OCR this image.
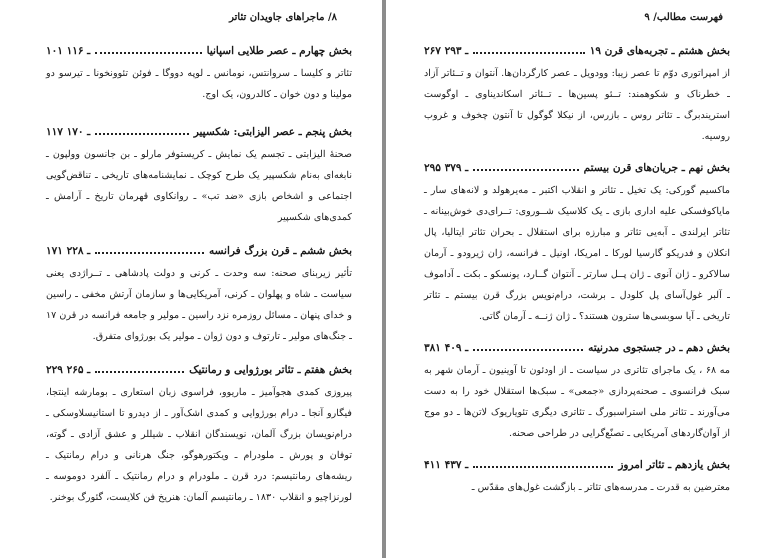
۸/ ماجراهای جاویدان تئاتر
بخش چهارم ـ عصر طلایی اسپانیا
۱۰۱ ـ ۱۱۶
تئاتر و کلیسا ـ سروانتس، نومانس ـ لوپه دووگا ـ فوئن تئوونخونا ـ تیرسو دو مولینا و دون خوان ـ کالدرون، یک اوج.
بخش پنجم ـ عصر الیزابتی: شکسپیر
۱۱۷ ـ ۱۷۰
صحنهٔ الیزابتی ـ تجسم یک نمایش ـ کریستوفر مارلو ـ بن جانسون وولپون ـ نابغه‌ای به‌نام شکسپیر یک طرح کوچک ـ نمایشنامه‌های تاریخی ـ تناقض‌گویی اجتماعی و اشخاص بازی «ضد تب» ـ روانکاوی قهرمان تاریخ ـ آرامش ـ کمدی‌های شکسپیر
بخش ششم ـ قرن بزرگ فرانسه
۱۷۱ ـ ۲۲۸
تأثیر زیربنای صحنه: سه وحدت ـ کرنی و دولت پادشاهی ـ تــراژدی یعنی سیاست ـ شاه و پهلوان ـ کرنی، آمریکایی‌ها و سازمان آرتش مخفی ـ راسین و خدای پنهان ـ مسائل روزمره نزد راسین ـ مولیر و جامعه فرانسه در قرن ۱۷ ـ جنگ‌های مولیر ـ تارتوف و دون ژوان ـ مولیر یک بورژوای متفرق.
بخش هفتم ـ تئاتر بورژوایی و رمانتیک
۲۲۹ ـ ۲۶۵
پیروزی کمدی هجوآمیز ـ ماریوو، فراسوی زبان استعاری ـ بومارشه اینتجا، فیگارو آنجا ـ درام بورژوایی و کمدی اشک‌آور ـ از دیدرو تا استانیسلاوسکی ـ درام‌نویسان بزرگ آلمان، نویسندگان انقلاب ـ شیللر و عشق آزادی ـ گوته، توفان و پورش ـ ملودرام ـ ویکتورهوگو، جنگ هرنانی و درام رمانتیک ـ ریشه‌های رمانتیسم: درد قرن ـ ملودرام و درام رمانتیک ـ آلفرد دوموسه ـ لورنزاچیو و انقلاب ۱۸۳۰ ـ رمانتیسم آلمان: هنریخ فن کلایست، گئورگ بوخنر.
فهرست مطالب/ ۹
بخش هشتم ـ تجربه‌های قرن ۱۹
۲۶۷ ـ ۲۹۳
از امپراتوری دوّم تا عصر زیبا: وودویل ـ عصر کارگردان‌ها. آنتوان و تــئاتر آزاد ـ خطرناک و شکوهمند: تــئو پسین‌ها ـ تــئاتر اسکاندیناوی ـ اوگوست استریندبرگ ـ تئاتر روس ـ بازرس، از نیکلا گوگول تا آنتون چخوف و غروب روسیه.
بخش نهم ـ جریان‌های قرن بیستم
۲۹۵ ـ ۳۷۹
ماکسیم گورکی: یک تخیل ـ تئاتر و انقلاب اکتبر ـ مه‌یرهولد و لانه‌های سار ـ مایاکوفسکی علیه اداری بازی ـ یک کلاسیک شــوروی: تــرای‌دی خوش‌بینانه ـ تئاتر ایرلندی ـ آبه‌یی تئاتر و مبارزه برای استقلال ـ بحران تئاتر ایتالیا، پال انکلان و فدریکو گارسیا لورکا ـ امریکا، اونیل ـ فرانسه، ژان ژیرودو ـ آرمان سالاکرو ـ ژان آنوی ـ ژان پــل سارتر ـ آنتوان گــارد، یونسکو ـ بکت ـ آداموف ـ آلبر غول‌آسای پل کلودل ـ برشت، درام‌نویس بزرگ قرن بیستم ـ تئاتر تاریخی ـ آیا سوبسی‌ها سترون هستند؟ ـ ژان ژنــه ـ آرمان گاتی.
بخش دهم ـ در جستجوی مدرنیته
۳۸۱ ـ ۴۰۹
مه ۶۸ ، یک ماجرای تئاتری در سیاست ـ از اودئون تا آوینیون ـ آرمان شهر به سبک فرانسوی ـ صحنه‌پردازی «جمعی» ـ سبک‌ها استقلال خود را به دست می‌آورند ـ تئاتر ملی استراسبورگ ـ تئاتری دیگری تئویاریوک لاتن‌ها ـ دو موج از آوان‌گاردهای آمریکایی ـ تصنّع‌گرایی در طراحی صحنه.
بخش یازدهم ـ تئاتر امروز
۴۱۱ ـ ۴۳۷
معترضین به قدرت ـ مدرسه‌های تئاتر ـ بازگشت غول‌های مقدّس ـ
